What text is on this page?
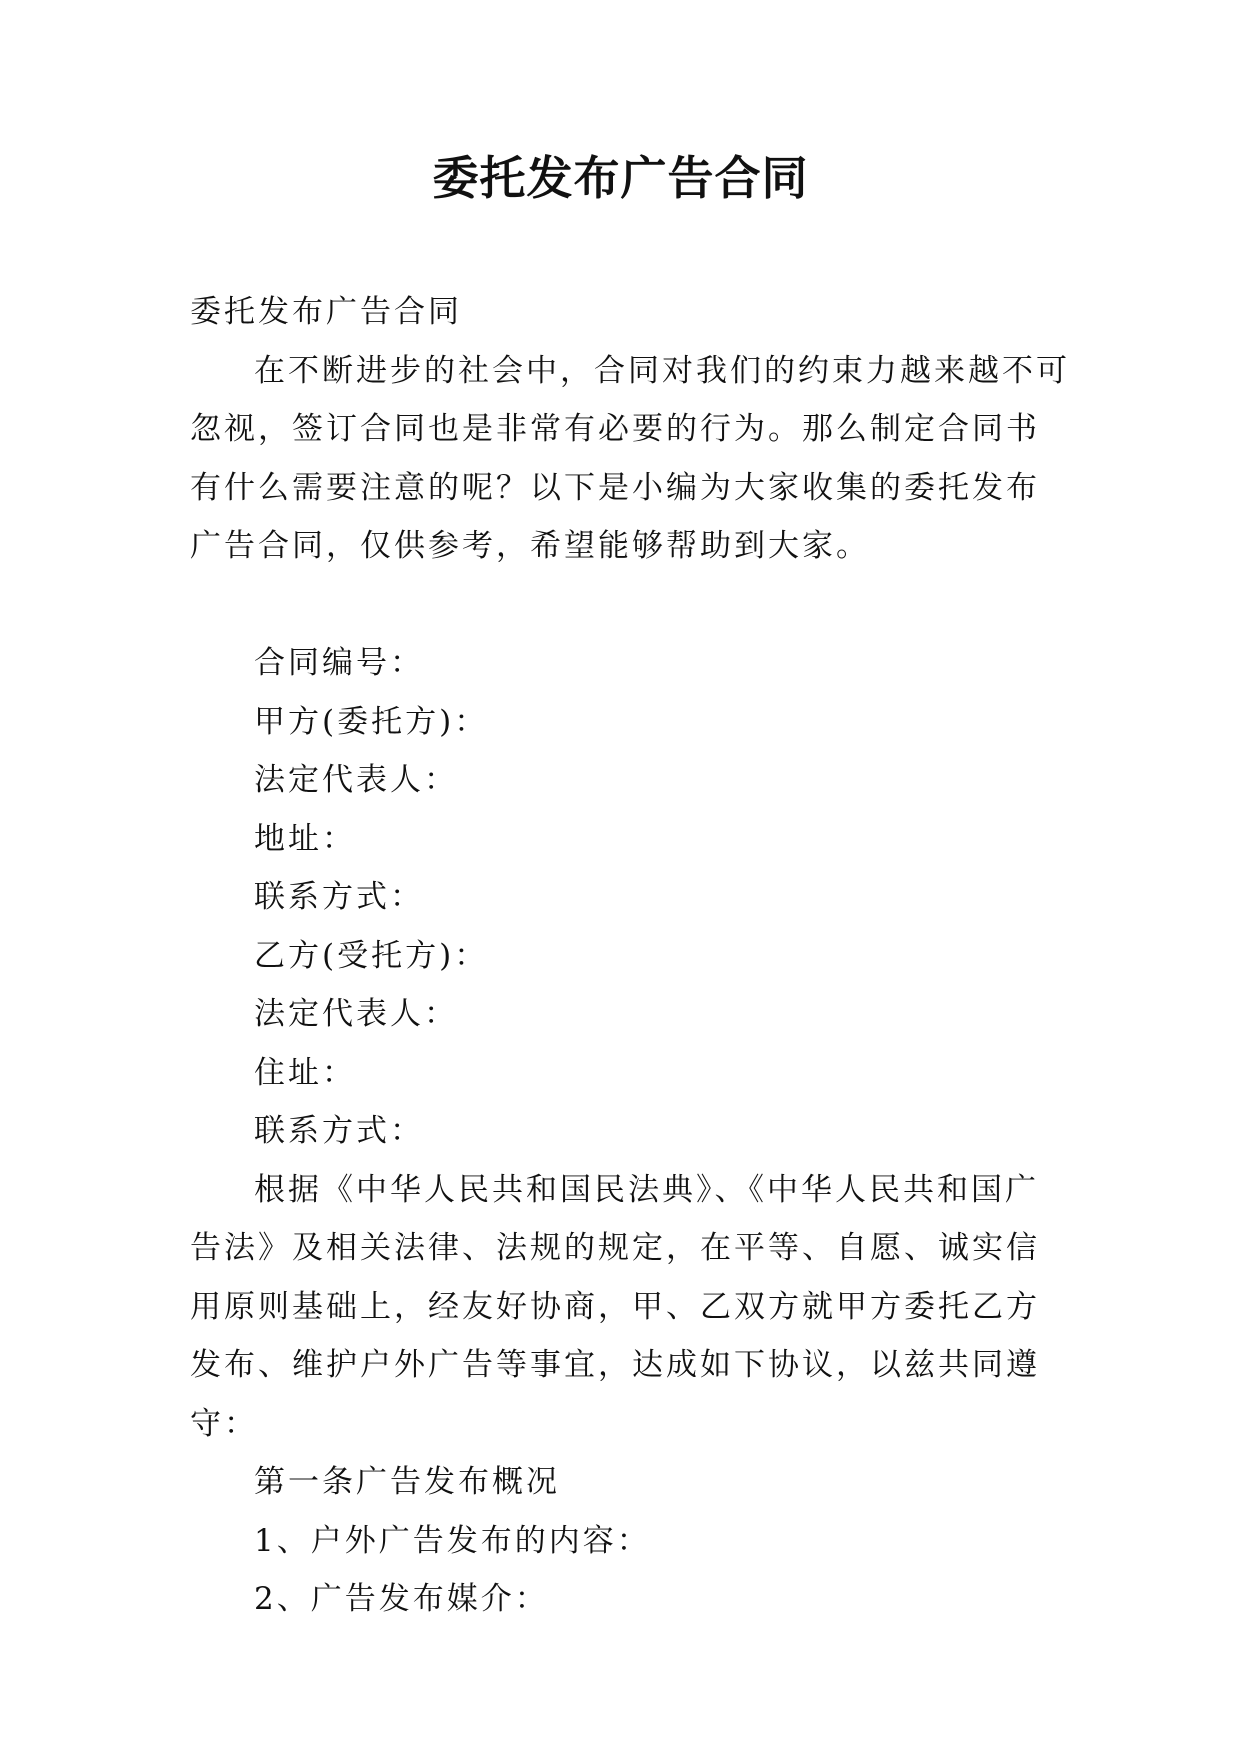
委托发布广告合同

委托发布广告合同

在不断进步的社会中，合同对我们的约束力越来越不可忽视，签订合同也是非常有必要的行为。那么制定合同书有什么需要注意的呢？以下是小编为大家收集的委托发布广告合同，仅供参考，希望能够帮助到大家。

合同编号：

甲方(委托方)：

法定代表人：

地址：

联系方式：

乙方(受托方)：

法定代表人：

住址：

联系方式：

根据《中华人民共和国民法典》、《中华人民共和国广告法》及相关法律、法规的规定，在平等、自愿、诚实信用原则基础上，经友好协商，甲、乙双方就甲方委托乙方发布、维护户外广告等事宜，达成如下协议，以兹共同遵守：

第一条广告发布概况

1、户外广告发布的内容：

2、广告发布媒介：
